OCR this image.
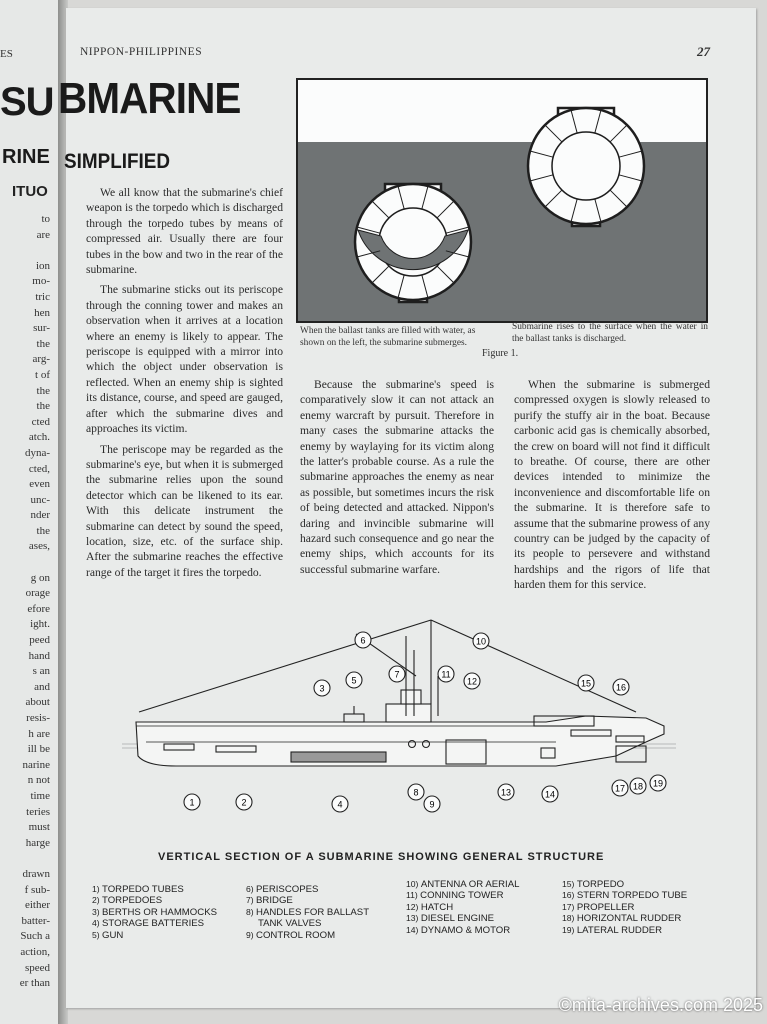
ES
SU
RINE
ITUO
to
are

ion
mo-
tric
hen
sur-
the
arg-
t of
the
the
cted
atch.
dyna-
cted,
even
unc-
nder
the
ases,

g on
orage
efore
ight.
peed
hand
s an
and
about
resis-
h are
ill be
narine
n not
time
teries
must
harge

drawn
f sub-
either
batter-
Such a
action,
speed
er than
NIPPON-PHILIPPINES	27
BMARINE
SIMPLIFIED

We all know that the submarine's chief weapon is the torpedo which is discharged through the torpedo tubes by means of compressed air. Usually there are four tubes in the bow and two in the rear of the submarine.

The submarine sticks out its periscope through the conning tower and makes an observation when it arrives at a location where an enemy is likely to appear. The periscope is equipped with a mirror into which the object under observation is reflected. When an enemy ship is sighted its distance, course, and speed are gauged, after which the submarine dives and approaches its victim.

The periscope may be regarded as the submarine's eye, but when it is submerged the submarine relies upon the sound detector which can be likened to its ear. With this delicate instrument the submarine can detect by sound the speed, location, size, etc. of the surface ship. After the submarine reaches the effective range of the target it fires the torpedo.

When the ballast tanks are filled with water, as shown on the left, the submarine submerges.
Submarine rises to the surface when the water in the ballast tanks is discharged.
Figure 1.

Because the submarine's speed is comparatively slow it can not attack an enemy warcraft by pursuit. Therefore in many cases the submarine attacks the enemy by waylaying for its victim along the latter's probable course. As a rule the submarine approaches the enemy as near as possible, but sometimes incurs the risk of being detected and attacked. Nippon's daring and invincible submarine will hazard such consequence and go near the enemy ships, which accounts for its successful submarine warfare.

When the submarine is submerged compressed oxygen is slowly released to purify the stuffy air in the boat. Because carbonic acid gas is chemically absorbed, the crew on board will not find it difficult to breathe. Of course, there are other devices intended to minimize the inconvenience and discomfortable life on the submarine. It is therefore safe to assume that the submarine prowess of any country can be judged by the capacity of its people to persevere and withstand hardships and the rigors of life that harden them for this service.

1	2
3
4
5
6
7
8
9
10
11
12
13	14
15	16
17 18 19
VERTICAL SECTION OF A SUBMARINE SHOWING GENERAL STRUCTURE
1) TORPEDO TUBES
2) TORPEDOES
3) BERTHS OR HAMMOCKS
4) STORAGE BATTERIES
5) GUN
6) PERISCOPES
7) BRIDGE
8) HANDLES FOR BALLAST
TANK VALVES
9) CONTROL ROOM
10) ANTENNA OR AERIAL
11) CONNING TOWER
12) HATCH
13) DIESEL ENGINE
14) DYNAMO & MOTOR
15) TORPEDO
16) STERN TORPEDO TUBE
17) PROPELLER
18) HORIZONTAL RUDDER
19) LATERAL RUDDER
©mita-archives.com 2025
